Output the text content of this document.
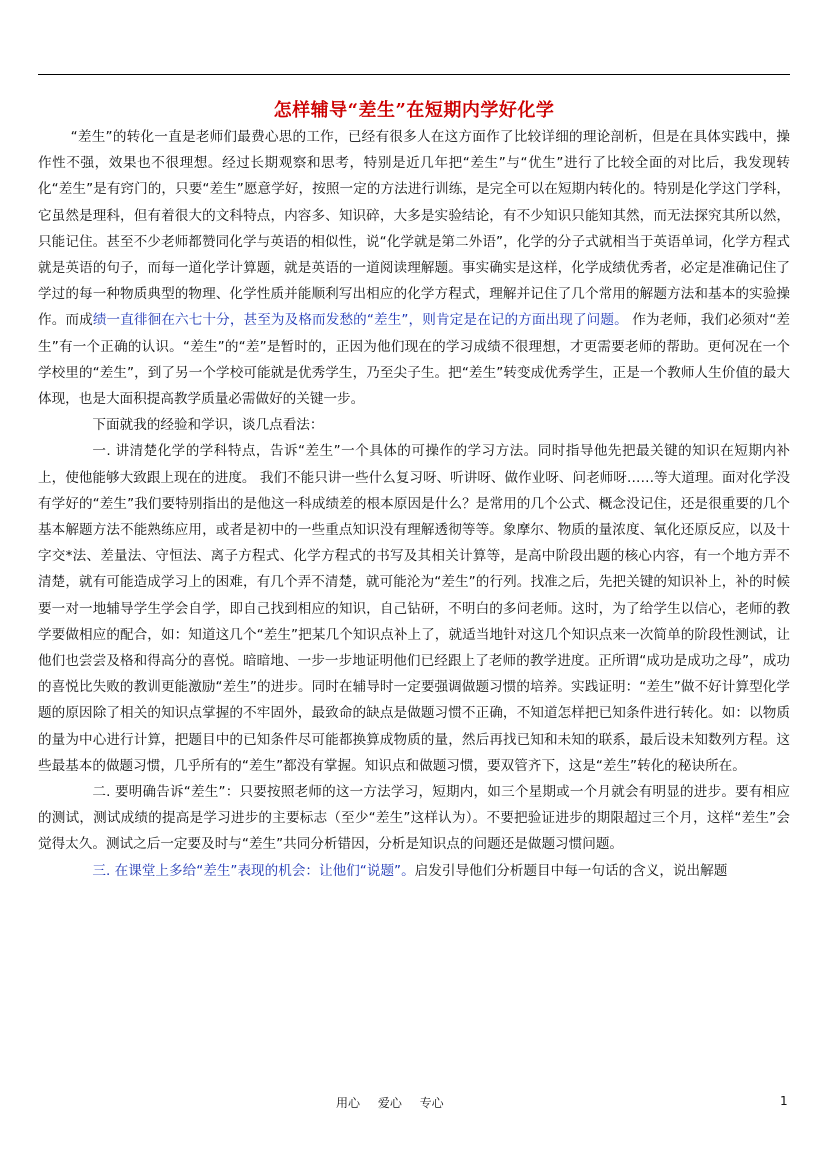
怎样辅导“差生”在短期内学好化学

“差生”的转化一直是老师们最费心思的工作，已经有很多人在这方面作了比较详细的理论剖析，但是在具体实践中，操作性不强，效果也不很理想。经过长期观察和思考，特别是近几年把“差生”与“优生”进行了比较全面的对比后，我发现转化“差生”是有窍门的，只要“差生”愿意学好，按照一定的方法进行训练，是完全可以在短期内转化的。特别是化学这门学科，它虽然是理科，但有着很大的文科特点，内容多、知识碎，大多是实验结论，有不少知识只能知其然，而无法探究其所以然，只能记住。甚至不少老师都赞同化学与英语的相似性，说“化学就是第二外语”，化学的分子式就相当于英语单词，化学方程式就是英语的句子，而每一道化学计算题，就是英语的一道阅读理解题。事实确实是这样，化学成绩优秀者，必定是准确记住了学过的每一种物质典型的物理、化学性质并能顺利写出相应的化学方程式，理解并记住了几个常用的解题方法和基本的实验操作。而成绩一直徘徊在六七十分，甚至为及格而发愁的“差生”，则肯定是在记的方面出现了问题。 作为老师，我们必须对“差生”有一个正确的认识。“差生”的“差”是暂时的，正因为他们现在的学习成绩不很理想，才更需要老师的帮助。更何况在一个学校里的“差生”，到了另一个学校可能就是优秀学生，乃至尖子生。把“差生”转变成优秀学生，正是一个教师人生价值的最大体现，也是大面积提高教学质量必需做好的关键一步。

下面就我的经验和学识，谈几点看法：

一. 讲清楚化学的学科特点，告诉“差生”一个具体的可操作的学习方法。同时指导他先把最关键的知识在短期内补上，使他能够大致跟上现在的进度。 我们不能只讲一些什么复习呀、听讲呀、做作业呀、问老师呀……等大道理。面对化学没有学好的“差生”我们要特别指出的是他这一科成绩差的根本原因是什么？是常用的几个公式、概念没记住，还是很重要的几个基本解题方法不能熟练应用，或者是初中的一些重点知识没有理解透彻等等。象摩尔、物质的量浓度、氧化还原反应，以及十字交*法、差量法、守恒法、离子方程式、化学方程式的书写及其相关计算等，是高中阶段出题的核心内容，有一个地方弄不清楚，就有可能造成学习上的困难，有几个弄不清楚，就可能沦为“差生”的行列。找准之后，先把关键的知识补上，补的时候要一对一地辅导学生学会自学，即自己找到相应的知识，自己钻研，不明白的多问老师。这时，为了给学生以信心，老师的教学要做相应的配合，如：知道这几个“差生”把某几个知识点补上了，就适当地针对这几个知识点来一次简单的阶段性测试，让他们也尝尝及格和得高分的喜悦。暗暗地、一步一步地证明他们已经跟上了老师的教学进度。正所谓“成功是成功之母”，成功的喜悦比失败的教训更能激励“差生”的进步。同时在辅导时一定要强调做题习惯的培养。实践证明：“差生”做不好计算型化学题的原因除了相关的知识点掌握的不牢固外，最致命的缺点是做题习惯不正确，不知道怎样把已知条件进行转化。如：以物质的量为中心进行计算，把题目中的已知条件尽可能都换算成物质的量，然后再找已知和未知的联系，最后设未知数列方程。这些最基本的做题习惯，几乎所有的“差生”都没有掌握。知识点和做题习惯，要双管齐下，这是“差生”转化的秘诀所在。

二. 要明确告诉“差生”：只要按照老师的这一方法学习，短期内，如三个星期或一个月就会有明显的进步。要有相应的测试，测试成绩的提高是学习进步的主要标志（至少“差生”这样认为）。不要把验证进步的期限超过三个月，这样“差生”会觉得太久。测试之后一定要及时与“差生”共同分析错因，分析是知识点的问题还是做题习惯问题。

三. 在课堂上多给“差生”表现的机会：让他们“说题”。启发引导他们分析题目中每一句话的含义，说出解题

用心 爱心 专心	1
